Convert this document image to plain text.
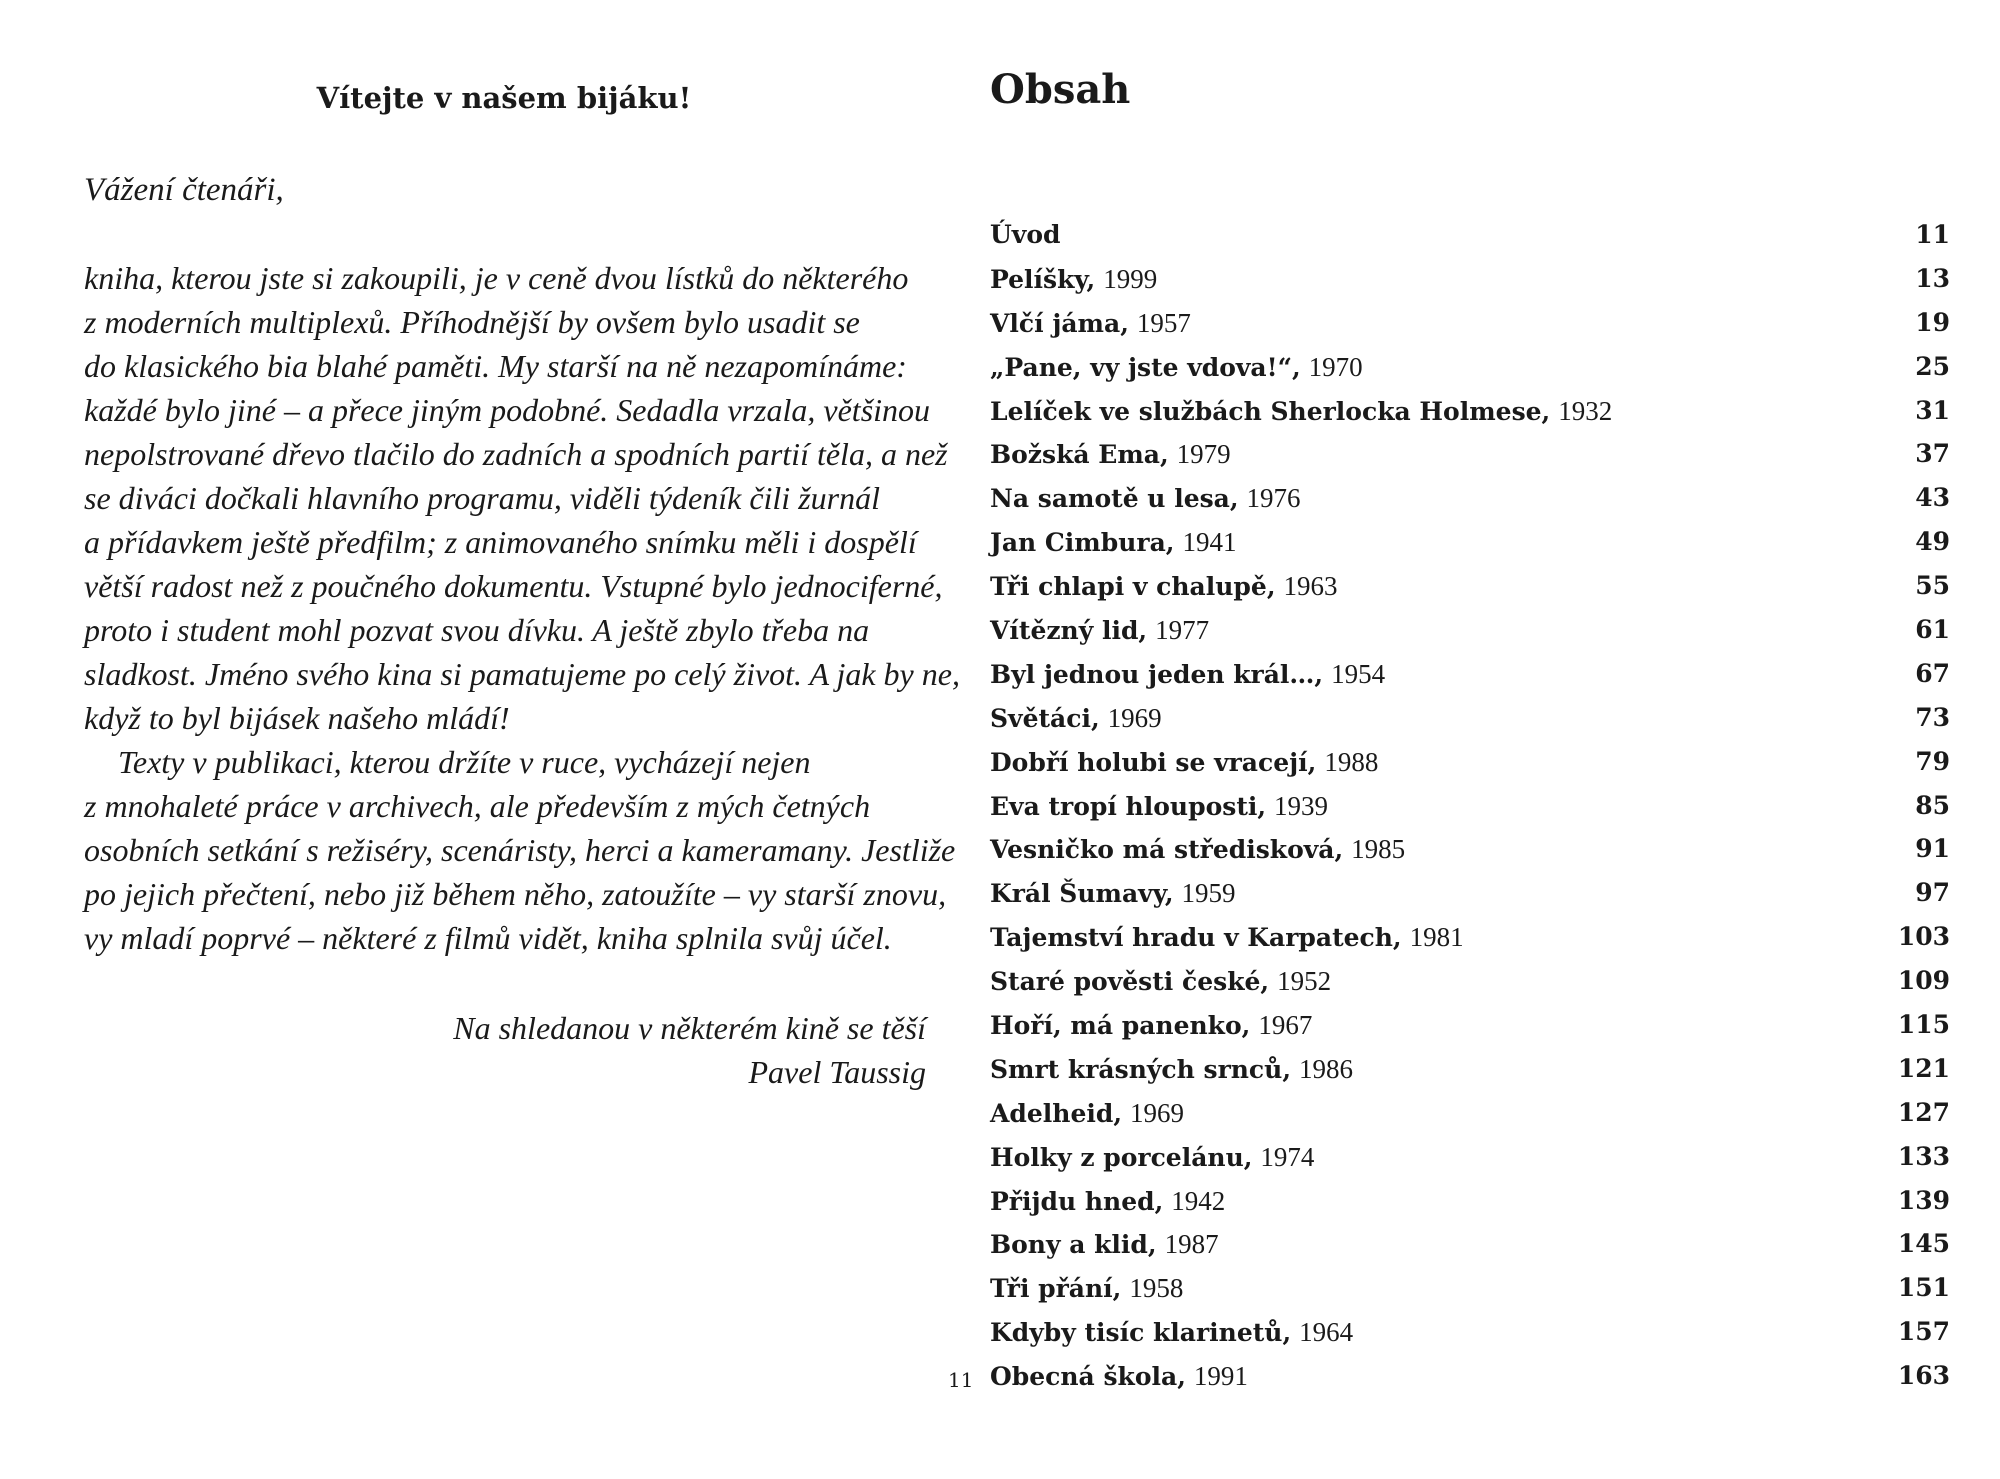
Vítejte v našem bijáku!
Vážení čtenáři,
kniha, kterou jste si zakoupili, je v ceně dvou lístků do některého
z moderních multiplexů. Příhodnější by ovšem bylo usadit se
do klasického bia blahé paměti. My starší na ně nezapomínáme:
každé bylo jiné – a přece jiným podobné. Sedadla vrzala, většinou
nepolstrované dřevo tlačilo do zadních a spodních partií těla, a než
se diváci dočkali hlavního programu, viděli týdeník čili žurnál
a přídavkem ještě předfilm; z animovaného snímku měli i dospělí
větší radost než z poučného dokumentu. Vstupné bylo jednociferné,
proto i student mohl pozvat svou dívku. A ještě zbylo třeba na
sladkost. Jméno svého kina si pamatujeme po celý život. A jak by ne,
když to byl bijásek našeho mládí!
Texty v publikaci, kterou držíte v ruce, vycházejí nejen
z mnohaleté práce v archivech, ale především z mých četných
osobních setkání s režiséry, scenáristy, herci a kameramany. Jestliže
po jejich přečtení, nebo již během něho, zatoužíte – vy starší znovu,
vy mladí poprvé – některé z filmů vidět, kniha splnila svůj účel.
Na shledanou v některém kině se těší
Pavel Taussig
11
Obsah
Úvod	11
Pelíšky, 1999	13
Vlčí jáma, 1957	19
„Pane, vy jste vdova!“, 1970	25
Lelíček ve službách Sherlocka Holmese, 1932	31
Božská Ema, 1979	37
Na samotě u lesa, 1976	43
Jan Cimbura, 1941	49
Tři chlapi v chalupě, 1963	55
Vítězný lid, 1977	61
Byl jednou jeden král…, 1954	67
Světáci, 1969	73
Dobří holubi se vracejí, 1988	79
Eva tropí hlouposti, 1939	85
Vesničko má středisková, 1985	91
Král Šumavy, 1959	97
Tajemství hradu v Karpatech, 1981	103
Staré pověsti české, 1952	109
Hoří, má panenko, 1967	115
Smrt krásných srnců, 1986	121
Adelheid, 1969	127
Holky z porcelánu, 1974	133
Přijdu hned, 1942	139
Bony a klid, 1987	145
Tři přání, 1958	151
Kdyby tisíc klarinetů, 1964	157
Obecná škola, 1991	163
